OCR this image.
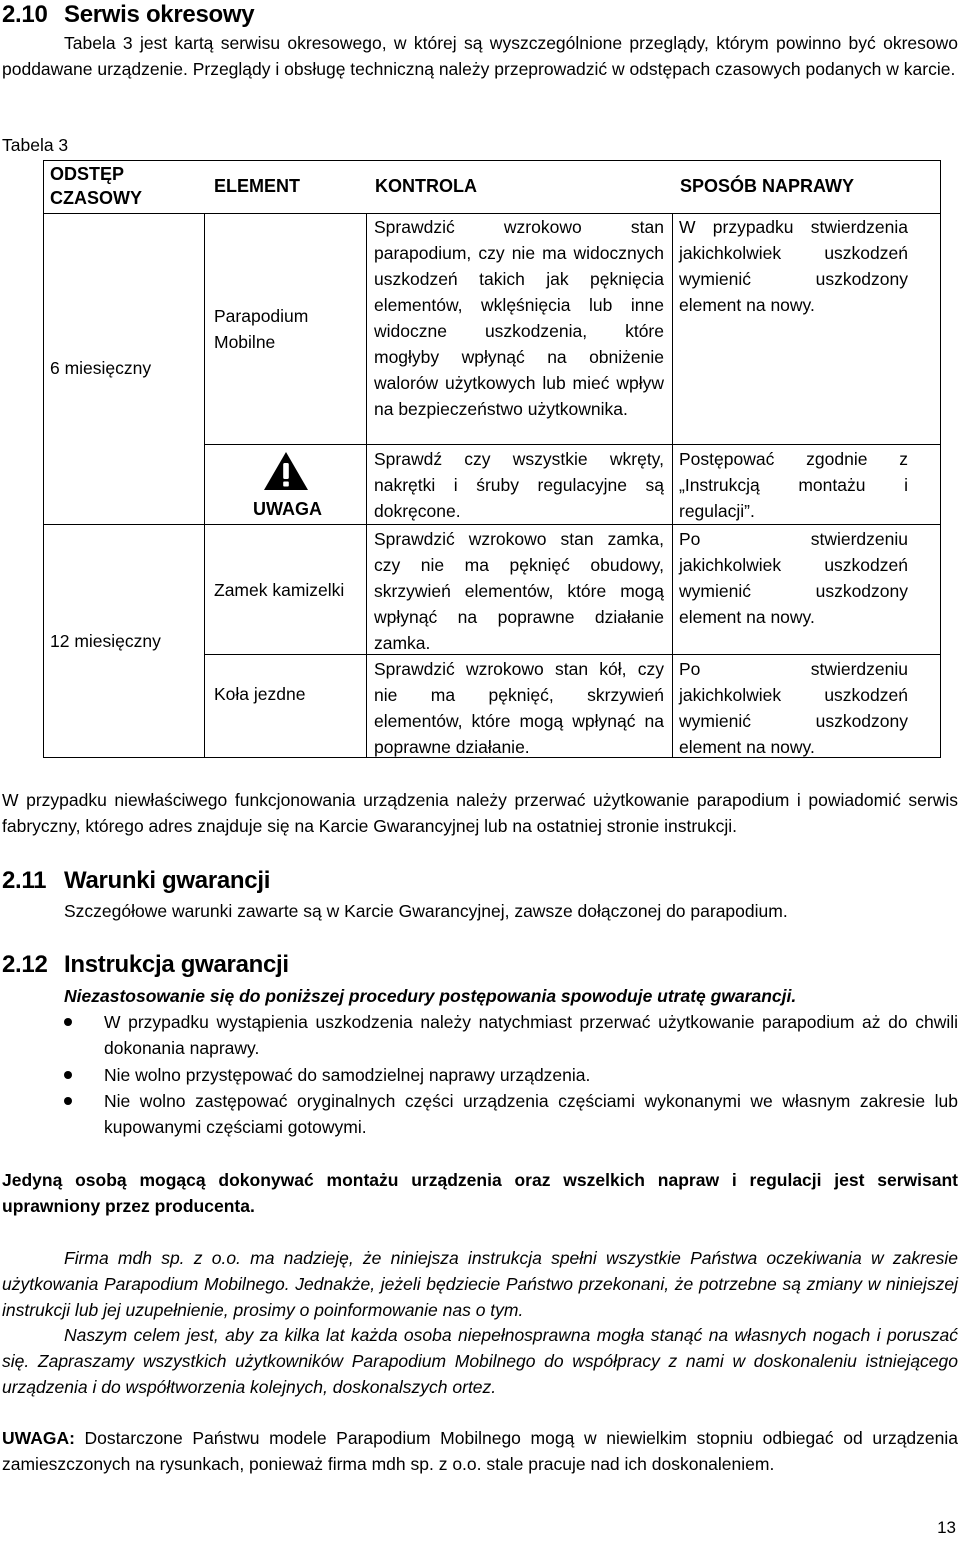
2.10 Serwis okresowy
Tabela 3 jest kartą serwisu okresowego, w której są wyszczególnione przeglądy, którym powinno być okresowo poddawane urządzenie. Przeglądy i obsługę techniczną należy przeprowadzić w odstępach czasowych podanych w karcie.
Tabela 3
ODSTĘP
CZASOWY
ELEMENT	KONTROLA	SPOSÓB NAPRAWY
6 miesięczny
12 miesięczny
Parapodium
Mobilne
Sprawdzić wzrokowo stan parapodium, czy nie ma widocznych uszkodzeń takich jak pęknięcia elementów, wklęśnięcia lub inne widoczne uszkodzenia, które mogłyby wpłynąć na obniżenie walorów użytkowych lub mieć wpływ na bezpieczeństwo użytkownika.
W przypadku stwierdzenia jakichkolwiek uszkodzeń wymienić uszkodzony element na nowy.
UWAGA
Sprawdź czy wszystkie wkręty, nakrętki i śruby regulacyjne są dokręcone.
Postępować zgodnie z „Instrukcją montażu i regulacji”.
Zamek kamizelki
Sprawdzić wzrokowo stan zamka, czy nie ma pęknięć obudowy, skrzywień elementów, które mogą wpłynąć na poprawne działanie zamka.
Po stwierdzeniu jakichkolwiek uszkodzeń wymienić uszkodzony element na nowy.
Koła jezdne
Sprawdzić wzrokowo stan kół, czy nie ma pęknięć, skrzywień elementów, które mogą wpłynąć na poprawne działanie.
Po stwierdzeniu jakichkolwiek uszkodzeń wymienić uszkodzony element na nowy.
W przypadku niewłaściwego funkcjonowania urządzenia należy przerwać użytkowanie parapodium i powiadomić serwis fabryczny, którego adres znajduje się na Karcie Gwarancyjnej lub na ostatniej stronie instrukcji.
2.11 Warunki gwarancji
Szczegółowe warunki zawarte są w Karcie Gwarancyjnej, zawsze dołączonej do parapodium.
2.12 Instrukcja gwarancji
Niezastosowanie się do poniższej procedury postępowania spowoduje utratę gwarancji.
W przypadku wystąpienia uszkodzenia należy natychmiast przerwać użytkowanie parapodium aż do chwili dokonania naprawy.
Nie wolno przystępować do samodzielnej naprawy urządzenia.
Nie wolno zastępować oryginalnych części urządzenia częściami wykonanymi we własnym zakresie lub kupowanymi częściami gotowymi.
Jedyną osobą mogącą dokonywać montażu urządzenia oraz wszelkich napraw i regulacji jest serwisant uprawniony przez producenta.
Firma mdh sp. z o.o. ma nadzieję, że niniejsza instrukcja spełni wszystkie Państwa oczekiwania w zakresie użytkowania Parapodium Mobilnego. Jednakże, jeżeli będziecie Państwo przekonani, że potrzebne są zmiany w niniejszej instrukcji lub jej uzupełnienie, prosimy o poinformowanie nas o tym.
Naszym celem jest, aby za kilka lat każda osoba niepełnosprawna mogła stanąć na własnych nogach i poruszać się. Zapraszamy wszystkich użytkowników Parapodium Mobilnego do współpracy z nami w doskonaleniu istniejącego urządzenia i do współtworzenia kolejnych, doskonalszych ortez.
UWAGA: Dostarczone Państwu modele Parapodium Mobilnego mogą w niewielkim stopniu odbiegać od urządzenia zamieszczonych na rysunkach, ponieważ firma mdh sp. z o.o. stale pracuje nad ich doskonaleniem.
13
